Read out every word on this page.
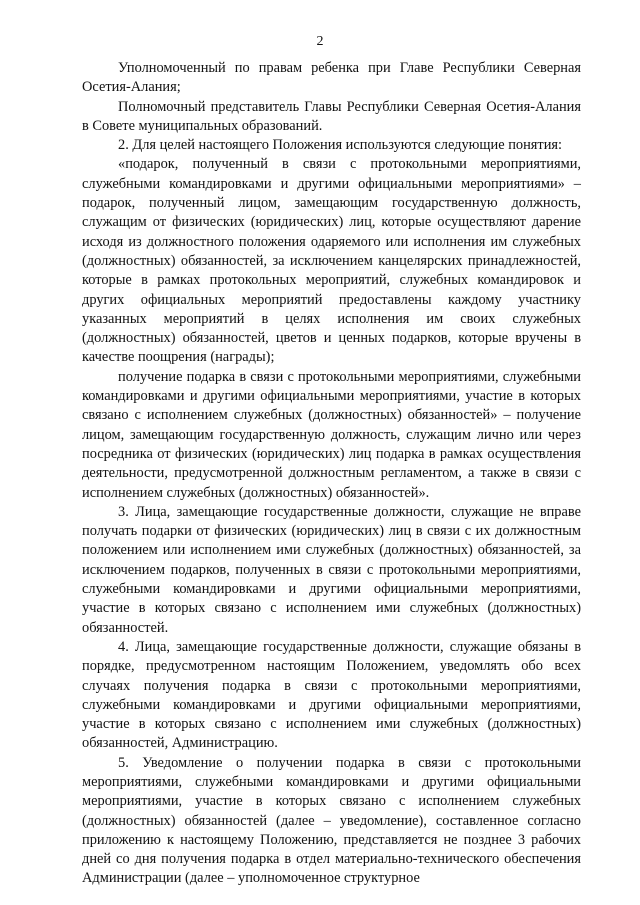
2

Уполномоченный по правам ребенка при Главе Республики Северная Осетия-Алания;

Полномочный представитель Главы Республики Северная Осетия-Алания в Совете муниципальных образований.

2. Для целей настоящего Положения используются следующие понятия:

«подарок, полученный в связи с протокольными мероприятиями, служебными командировками и другими официальными мероприятиями» – подарок, полученный лицом, замещающим государственную должность, служащим от физических (юридических) лиц, которые осуществляют дарение исходя из должностного положения одаряемого или исполнения им служебных (должностных) обязанностей, за исключением канцелярских принадлежностей, которые в рамках протокольных мероприятий, служебных командировок и других официальных мероприятий предоставлены каждому участнику указанных мероприятий в целях исполнения им своих служебных (должностных) обязанностей, цветов и ценных подарков, которые вручены в качестве поощрения (награды);

получение подарка в связи с протокольными мероприятиями, служебными командировками и другими официальными мероприятиями, участие в которых связано с исполнением служебных (должностных) обязанностей» – получение лицом, замещающим государственную должность, служащим лично или через посредника от физических (юридических) лиц подарка в рамках осуществления деятельности, предусмотренной должностным регламентом, а также в связи с исполнением служебных (должностных) обязанностей».

3. Лица, замещающие государственные должности, служащие не вправе получать подарки от физических (юридических) лиц в связи с их должностным положением или исполнением ими служебных (должностных) обязанностей, за исключением подарков, полученных в связи с протокольными мероприятиями, служебными командировками и другими официальными мероприятиями, участие в которых связано с исполнением ими служебных (должностных) обязанностей.

4. Лица, замещающие государственные должности, служащие обязаны в порядке, предусмотренном настоящим Положением, уведомлять обо всех случаях получения подарка в связи с протокольными мероприятиями, служебными командировками и другими официальными мероприятиями, участие в которых связано с исполнением ими служебных (должностных) обязанностей, Администрацию.

5. Уведомление о получении подарка в связи с протокольными мероприятиями, служебными командировками и другими официальными мероприятиями, участие в которых связано с исполнением служебных (должностных) обязанностей (далее – уведомление), составленное согласно приложению к настоящему Положению, представляется не позднее 3 рабочих дней со дня получения подарка в отдел материально-технического обеспечения Администрации (далее – уполномоченное структурное
